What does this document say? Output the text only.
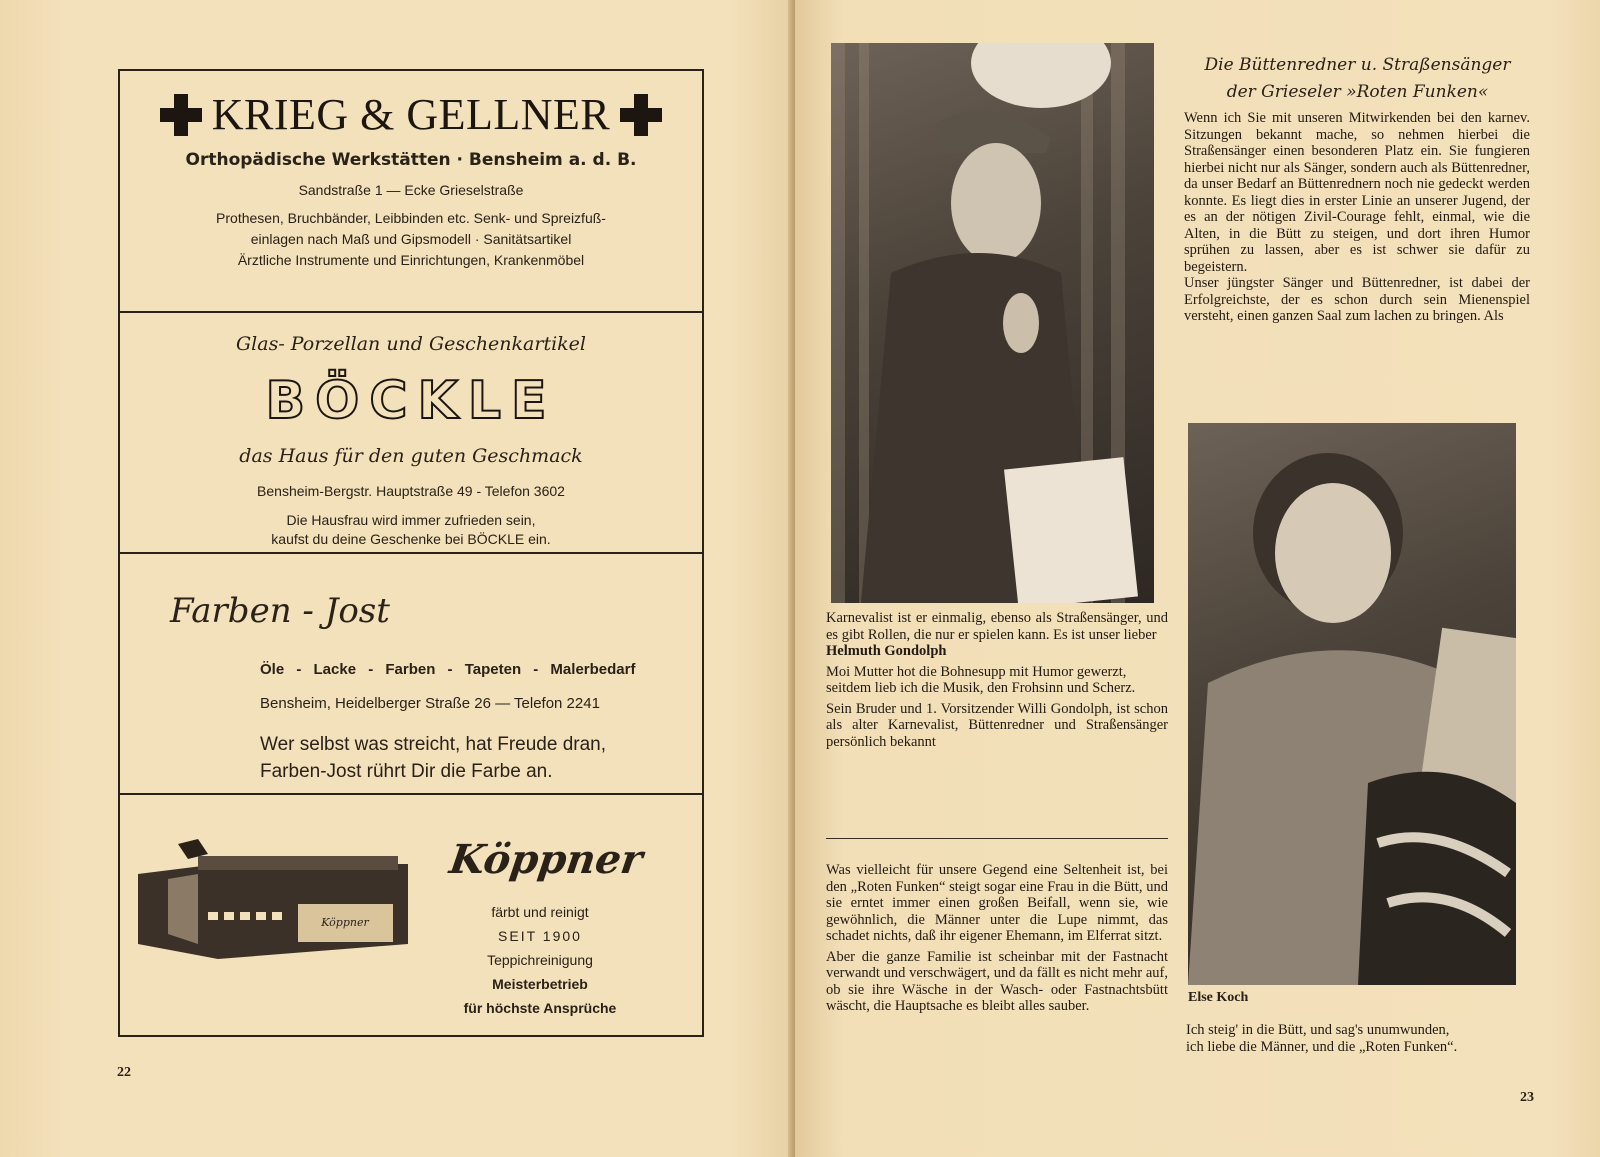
KRIEG & GELLNER
Orthopädische Werkstätten · Bensheim a. d. B.
Sandstraße 1 — Ecke Grieselstraße
Prothesen, Bruchbänder, Leibbinden etc. Senk- und Spreizfuß-
einlagen nach Maß und Gipsmodell · Sanitätsartikel
Ärztliche Instrumente und Einrichtungen, Krankenmöbel
Glas- Porzellan und Geschenkartikel
BÖCKLE
das Haus für den guten Geschmack
Bensheim-Bergstr. Hauptstraße 49 - Telefon 3602
Die Hausfrau wird immer zufrieden sein,
kaufst du deine Geschenke bei BÖCKLE ein.
Farben - Jost
Öle - Lacke - Farben - Tapeten - Malerbedarf
Bensheim, Heidelberger Straße 26 — Telefon 2241
Wer selbst was streicht, hat Freude dran,
Farben-Jost rührt Dir die Farbe an.
Köppner
Köppner
färbt und reinigt
SEIT 1900
Teppichreinigung
Meisterbetrieb
für höchste Ansprüche
22
Die Büttenredner u. Straßensänger
der Grieseler »Roten Funken«

Wenn ich Sie mit unseren Mitwirkenden bei den karnev. Sitzungen bekannt mache, so nehmen hierbei die Straßensänger einen besonderen Platz ein. Sie fungieren hierbei nicht nur als Sänger, sondern auch als Büttenredner, da unser Bedarf an Büttenrednern noch nie gedeckt werden konnte. Es liegt dies in erster Linie an unserer Jugend, der es an der nötigen Zivil-Courage fehlt, einmal, wie die Alten, in die Bütt zu steigen, und dort ihren Humor sprühen zu lassen, aber es ist schwer sie dafür zu begeistern.

Unser jüngster Sänger und Büttenredner, ist dabei der Erfolgreichste, der es schon durch sein Mienenspiel versteht, einen ganzen Saal zum lachen zu bringen. Als

Karnevalist ist er einmalig, ebenso als Straßensänger, und es gibt Rollen, die nur er spielen kann. Es ist unser lieber

Helmuth Gondolph

Moi Mutter hot die Bohnesupp mit Humor gewerzt,

seitdem lieb ich die Musik, den Frohsinn und Scherz.

Sein Bruder und 1. Vorsitzender Willi Gondolph, ist schon als alter Karnevalist, Büttenredner und Straßensänger persönlich bekannt

Was vielleicht für unsere Gegend eine Seltenheit ist, bei den „Roten Funken“ steigt sogar eine Frau in die Bütt, und sie erntet immer einen großen Beifall, wenn sie, wie gewöhnlich, die Männer unter die Lupe nimmt, das schadet nichts, daß ihr eigener Ehemann, im Elferrat sitzt.

Aber die ganze Familie ist scheinbar mit der Fastnacht verwandt und verschwägert, und da fällt es nicht mehr auf, ob sie ihre Wäsche in der Wasch- oder Fastnachtsbütt wäscht, die Hauptsache es bleibt alles sauber.

Else Koch

Ich steig' in die Bütt, und sag's unumwunden,

ich liebe die Männer, und die „Roten Funken“.

23
